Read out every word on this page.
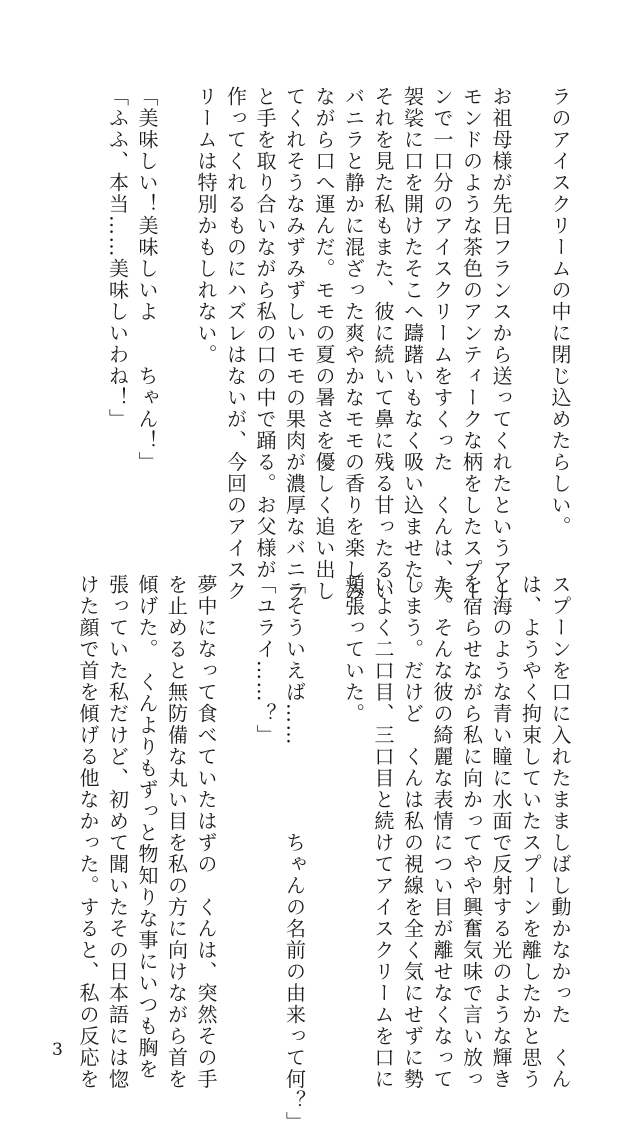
ラのアイスクリームの中に閉じ込めたらしい。
お祖母様が先日フランスから送ってくれたというアー
モンドのような茶色のアンティークな柄をしたスプー
ンで一口分のアイスクリームをすくった　くんは、大
袈裟に口を開けたそこへ躊躇いもなく吸い込ませた。
それを見た私もまた、彼に続いて鼻に残る甘ったるい
バニラと静かに混ざった爽やかなモモの香りを楽しみ
ながら口へ運んだ。モモの夏の暑さを優しく追い出し
てくれそうなみずみずしいモモの果肉が濃厚なバニラ
と手を取り合いながら私の口の中で踊る。お父様が
作ってくれるものにハズレはないが、今回のアイスク
リームは特別かもしれない。
「美味しい！美味しいよ　　ちゃん！」
「ふふ、本当……美味しいわね！」
スプーンを口に入れたまましばし動かなかった　くん
は、ようやく拘束していたスプーンを離したかと思う
と海のような青い瞳に水面で反射する光のような輝き
を宿らせながら私に向かってやや興奮気味で言い放っ
た。そんな彼の綺麗な表情につい目が離せなくなって
しまう。だけど　くんは私の視線を全く気にせずに勢
いよく二口目、三口目と続けてアイスクリームを口に
頬張っていた。
「そういえば……　　　　ちゃんの名前の由来って何？」
「ユライ……？」
夢中になって食べていたはずの　くんは、突然その手
を止めると無防備な丸い目を私の方に向けながら首を
傾げた。　くんよりもずっと物知りな事にいつも胸を
張っていた私だけど、初めて聞いたその日本語には惚
けた顔で首を傾げる他なかった。すると、私の反応を
3
